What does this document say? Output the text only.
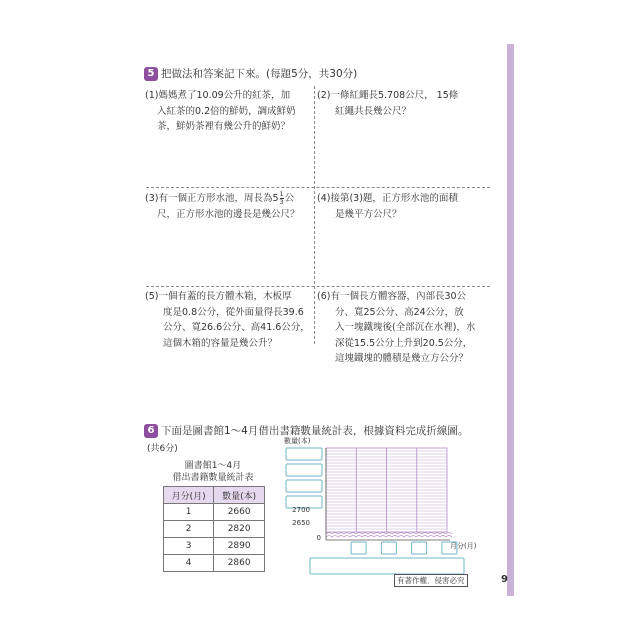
5 把做法和答案記下來。(每題5分，共30分)
(1)媽媽煮了10.09公升的紅茶，加
入紅茶的0.2倍的鮮奶，調成鮮奶
茶，鮮奶茶裡有幾公升的鮮奶？
(2)一條紅繩長5.708公尺， 15條
紅繩共長幾公尺？
(3)有一個正方形水池，周長為$5 \frac{1}{3}$ 公
尺，正方形水池的邊長是幾公尺？
(4)接第(3)題，正方形水池的面積
是幾平方公尺？
(5)一個有蓋的長方體木箱，木板厚
度是0.8公分，從外面量得長39.6
公分、寬26.6公分、高41.6公分，
這個木箱的容量是幾公升？
(6)有一個長方體容器，內部長30公
分、寬25公分、高24公分，放
入一塊鐵塊後(全部沉在水裡)，水
深從15.5公分上升到20.5公分，
這塊鐵塊的體積是幾立方公分？
6 下面是圖書館1～4月借出書籍數量統計表，根據資料完成折線圖。
(共6分)
圖書館1～4月
借出書籍數量統計表
月分(月)	數量(本)
1	2660
2	2820
3	2890
4	2860
數量(本)
2700
2650
0
月分(月)
有著作權．侵害必究	9
